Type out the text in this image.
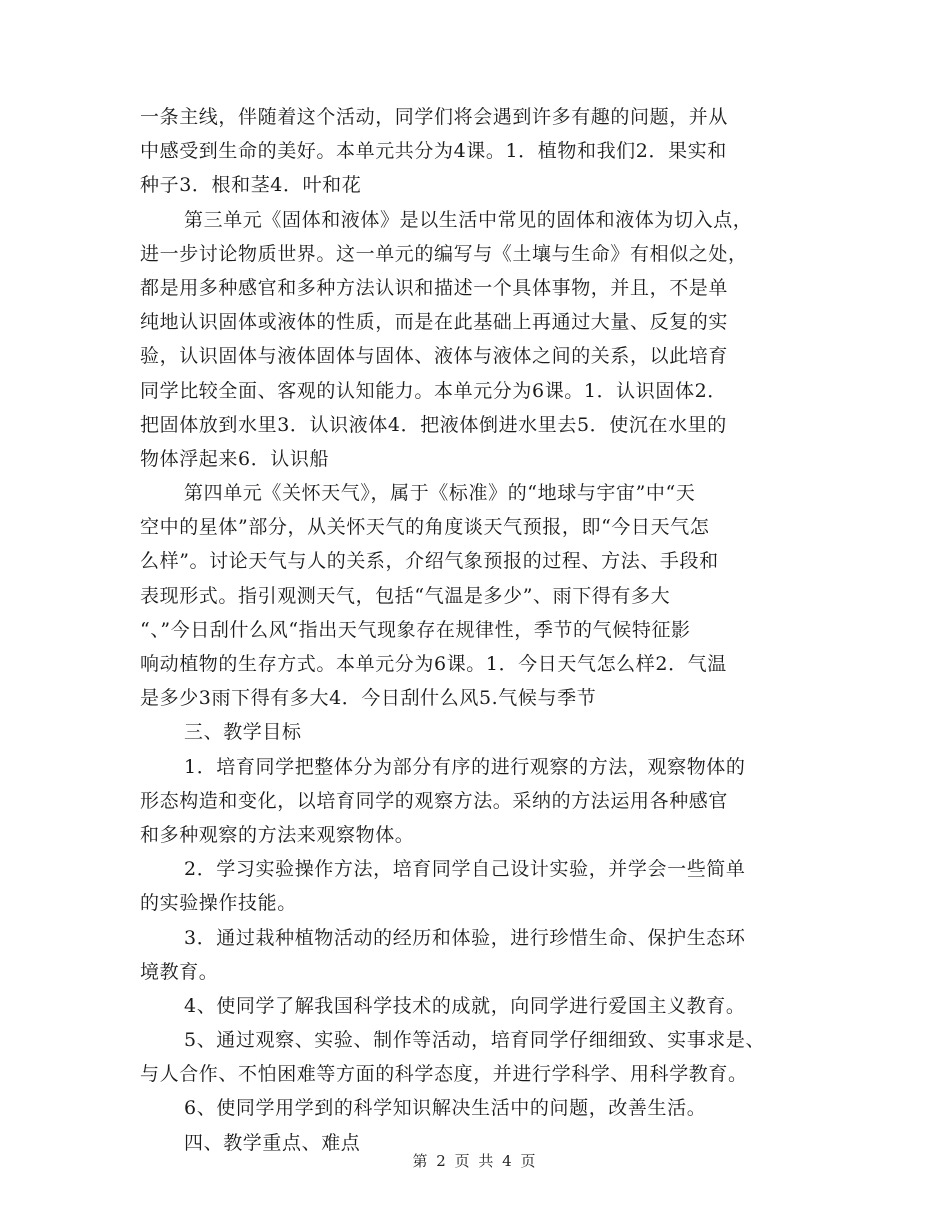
一条主线，伴随着这个活动，同学们将会遇到许多有趣的问题，并从
中感受到生命的美好。本单元共分为4课。1．植物和我们2．果实和
种子3．根和茎4．叶和花
第三单元《固体和液体》是以生活中常见的固体和液体为切入点，
进一步讨论物质世界。这一单元的编写与《土壤与生命》有相似之处，
都是用多种感官和多种方法认识和描述一个具体事物，并且，不是单
纯地认识固体或液体的性质，而是在此基础上再通过大量、反复的实
验，认识固体与液体固体与固体、液体与液体之间的关系，以此培育
同学比较全面、客观的认知能力。本单元分为6课。1．认识固体2．
把固体放到水里3．认识液体4．把液体倒进水里去5．使沉在水里的
物体浮起来6．认识船
第四单元《关怀天气》，属于《标准》的“地球与宇宙”中“天
空中的星体”部分，从关怀天气的角度谈天气预报，即“今日天气怎
么样”。讨论天气与人的关系，介绍气象预报的过程、方法、手段和
表现形式。指引观测天气，包括“气温是多少”、雨下得有多大
“、”今日刮什么风“指出天气现象存在规律性，季节的气候特征影
响动植物的生存方式。本单元分为6课。1．今日天气怎么样2．气温
是多少3雨下得有多大4．今日刮什么风5.气候与季节
三、教学目标
1．培育同学把整体分为部分有序的进行观察的方法，观察物体的
形态构造和变化，以培育同学的观察方法。采纳的方法运用各种感官
和多种观察的方法来观察物体。
2．学习实验操作方法，培育同学自己设计实验，并学会一些简单
的实验操作技能。
3．通过栽种植物活动的经历和体验，进行珍惜生命、保护生态环
境教育。
4、使同学了解我国科学技术的成就，向同学进行爱国主义教育。
5、通过观察、实验、制作等活动，培育同学仔细细致、实事求是、
与人合作、不怕困难等方面的科学态度，并进行学科学、用科学教育。
6、使同学用学到的科学知识解决生活中的问题，改善生活。
四、教学重点、难点
第 2 页 共 4 页
